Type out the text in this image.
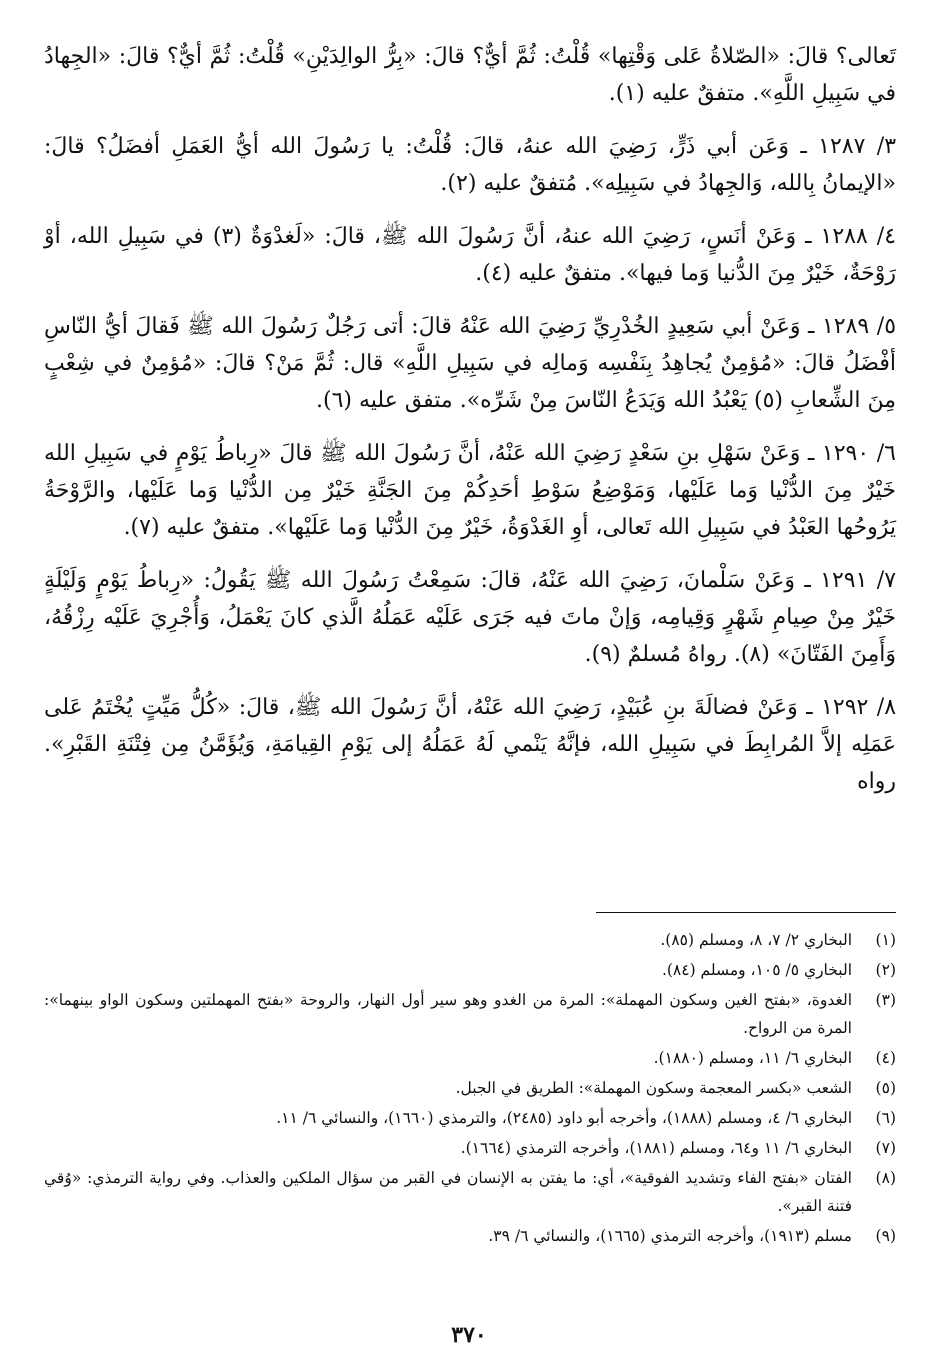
تَعالى؟ قالَ: «الصّلاةُ عَلى وَقْتِها» قُلْتُ: ثُمَّ أيٌّ؟ قالَ: «بِرُّ الوالِدَيْنِ» قُلْتُ: ثُمَّ أيٌّ؟ قالَ: «الجِهادُ في سَبِيلِ اللَّهِ». متفقٌ عليه (١).

٣/ ١٢٨٧ ـ وَعَن أبي ذَرٍّ، رَضِيَ الله عنهُ، قالَ: قُلْتُ: يا رَسُولَ الله أيُّ العَمَلِ أفضَلُ؟ قالَ: «الإيمانُ بِالله، وَالجِهادُ في سَبِيلِه». مُتفقٌ عليه (٢).

٤/ ١٢٨٨ ـ وَعَنْ أنَسٍ، رَضِيَ الله عنهُ، أنَّ رَسُولَ الله ﷺ، قالَ: «لَغدْوَةٌ (٣) في سَبِيلِ الله، أوْ رَوْحَةٌ، خَيْرٌ مِنَ الدُّنيا وَما فيها». متفقٌ عليه (٤).

٥/ ١٢٨٩ ـ وَعَنْ أبي سَعِيدٍ الخُدْرِيِّ رَضِيَ الله عَنْهُ قالَ: أتى رَجُلٌ رَسُولَ الله ﷺ فَقالَ أيُّ النّاسِ أفْضَلُ قالَ: «مُؤمِنٌ يُجاهِدُ بِنَفْسِه وَمالِه في سَبِيلِ اللَّهِ» قال: ثُمَّ مَنْ؟ قالَ: «مُؤمِنٌ في شِعْبٍ مِنَ الشِّعابِ (٥) يَعْبُدُ الله وَيَدَعُ النّاسَ مِنْ شَرِّه». متفق عليه (٦).

٦/ ١٢٩٠ ـ وَعَنْ سَهْلِ بنِ سَعْدٍ رَضِيَ الله عَنْهُ، أنَّ رَسُولَ الله ﷺ قالَ «رِباطُ يَوْمٍ في سَبِيلِ الله خَيْرٌ مِنَ الدُّنْيا وَما عَلَيْها، وَمَوْضِعُ سَوْطِ أحَدِكُمْ مِنَ الجَنَّةِ خَيْرٌ مِن الدُّنْيا وَما عَلَيْها، والرَّوْحَةُ يَرُوحُها العَبْدُ في سَبِيلِ الله تَعالى، أوِ الغَدْوَةُ، خَيْرٌ مِنَ الدُّنْيا وَما عَلَيْها». متفقٌ عليه (٧).

٧/ ١٢٩١ ـ وَعَنْ سَلْمانَ، رَضِيَ الله عَنْهُ، قالَ: سَمِعْتُ رَسُولَ الله ﷺ يَقُولُ: «رِباطُ يَوْمٍ وَلَيْلَةٍ خَيْرٌ مِنْ صِيامِ شَهْرٍ وَقِيامِه، وَإنْ ماتَ فيه جَرَى عَلَيْه عَمَلُهُ الَّذي كانَ يَعْمَلُ، وَأُجْرِيَ عَلَيْه رِزْقُهُ، وَأَمِنَ الفَتّانَ» (٨). رواهُ مُسلمٌ (٩).

٨/ ١٢٩٢ ـ وَعَنْ فضالَةَ بنِ عُبَيْدٍ، رَضِيَ الله عَنْهُ، أنَّ رَسُولَ الله ﷺ، قالَ: «كُلُّ مَيِّتٍ يُخْتَمُ عَلى عَمَلِه إلاَّ المُرابِطَ في سَبِيلِ الله، فإنَّهُ يَنْمي لَهُ عَمَلُهُ إلى يَوْمِ القِيامَةِ، وَيُؤَمَّنُ مِن فِتْنَةِ القَبْرِ». رواه

(١)
البخاري ٢/ ٧، ٨، ومسلم (٨٥).
(٢)
البخاري ٥/ ١٠٥، ومسلم (٨٤).
(٣)
الغدوة، «بفتح الغين وسكون المهملة»: المرة من الغدو وهو سير أول النهار، والروحة «بفتح المهملتين وسكون الواو بينهما»: المرة من الرواح.
(٤)
البخاري ٦/ ١١، ومسلم (١٨٨٠).
(٥)
الشعب «بكسر المعجمة وسكون المهملة»: الطريق في الجبل.
(٦)
البخاري ٦/ ٤، ومسلم (١٨٨٨)، وأخرجه أبو داود (٢٤٨٥)، والترمذي (١٦٦٠)، والنسائي ٦/ ١١.
(٧)
البخاري ٦/ ١١ و٦٤، ومسلم (١٨٨١)، وأخرجه الترمذي (١٦٦٤).
(٨)
الفتان «بفتح الفاء وتشديد الفوقية»، أي: ما يفتن به الإنسان في القبر من سؤال الملكين والعذاب. وفي رواية الترمذي: «وُقي فتنة القبر».
(٩)
مسلم (١٩١٣)، وأخرجه الترمذي (١٦٦٥)، والنسائي ٦/ ٣٩.
٣٧٠
